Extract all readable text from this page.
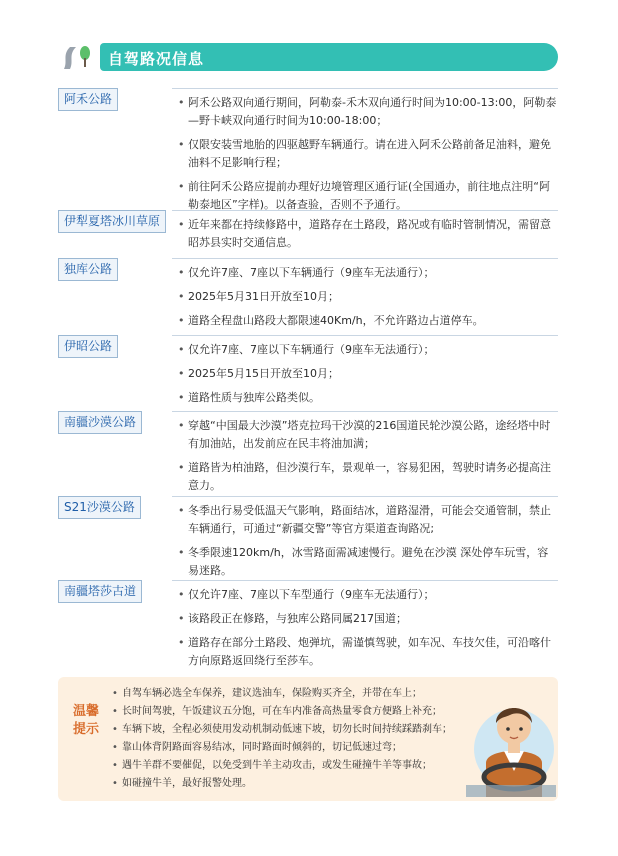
自驾路况信息
阿禾公路	• 阿禾公路双向通行期间，阿勒泰-禾木双向通行时间为10:00-13:00，阿勒泰—野卡峡双向通行时间为10:00-18:00；
• 仅限安装雪地胎的四驱越野车辆通行。请在进入阿禾公路前备足油料，避免油料不足影响行程；
• 前往阿禾公路应提前办理好边境管理区通行证(全国通办，前往地点注明“阿勒泰地区”字样)。以备查验，否则不予通行。
伊犁夏塔冰川草原	• 近年来都在持续修路中，道路存在土路段，路况或有临时管制情况，需留意昭苏县实时交通信息。
独库公路	• 仅允许7座、7座以下车辆通行（9座车无法通行）；
• 2025年5月31日开放至10月；
• 道路全程盘山路段大都限速40Km/h，不允许路边占道停车。
伊昭公路	• 仅允许7座、7座以下车辆通行（9座车无法通行）；
• 2025年5月15日开放至10月；
• 道路性质与独库公路类似。
南疆沙漠公路	• 穿越“中国最大沙漠”塔克拉玛干沙漠的216国道民轮沙漠公路，途经塔中时有加油站，出发前应在民丰将油加满；
• 道路皆为柏油路，但沙漠行车，景观单一，容易犯困，驾驶时请务必提高注意力。
S21沙漠公路	• 冬季出行易受低温天气影响，路面结冰，道路湿滑，可能会交通管制，禁止车辆通行，可通过“新疆交警”等官方渠道查询路况;
• 冬季限速120km/h，冰雪路面需减速慢行。避免在沙漠 深处停车玩雪，容易迷路。
南疆塔莎古道	• 仅允许7座、7座以下车型通行（9座车无法通行）；
• 该路段正在修路，与独库公路同属217国道；
• 道路存在部分土路段、炮弹坑，需谨慎驾驶，如车况、车技欠佳，可沿喀什方向原路返回绕行至莎车。
温馨
提示
• 自驾车辆必选全车保养，建议选油车，保险购买齐全，并带在车上；
• 长时间驾驶，午饭建议五分饱，可在车内准备高热量零食方便路上补充；
• 车辆下坡，全程必须使用发动机制动低速下坡，切勿长时间持续踩踏刹车；
• 靠山体背阴路面容易结冰，同时路面时倾斜的，切记低速过弯；
• 遇牛羊群不要催促，以免受到牛羊主动攻击，或发生碰撞牛羊等事故；
• 如碰撞牛羊，最好报警处理。
